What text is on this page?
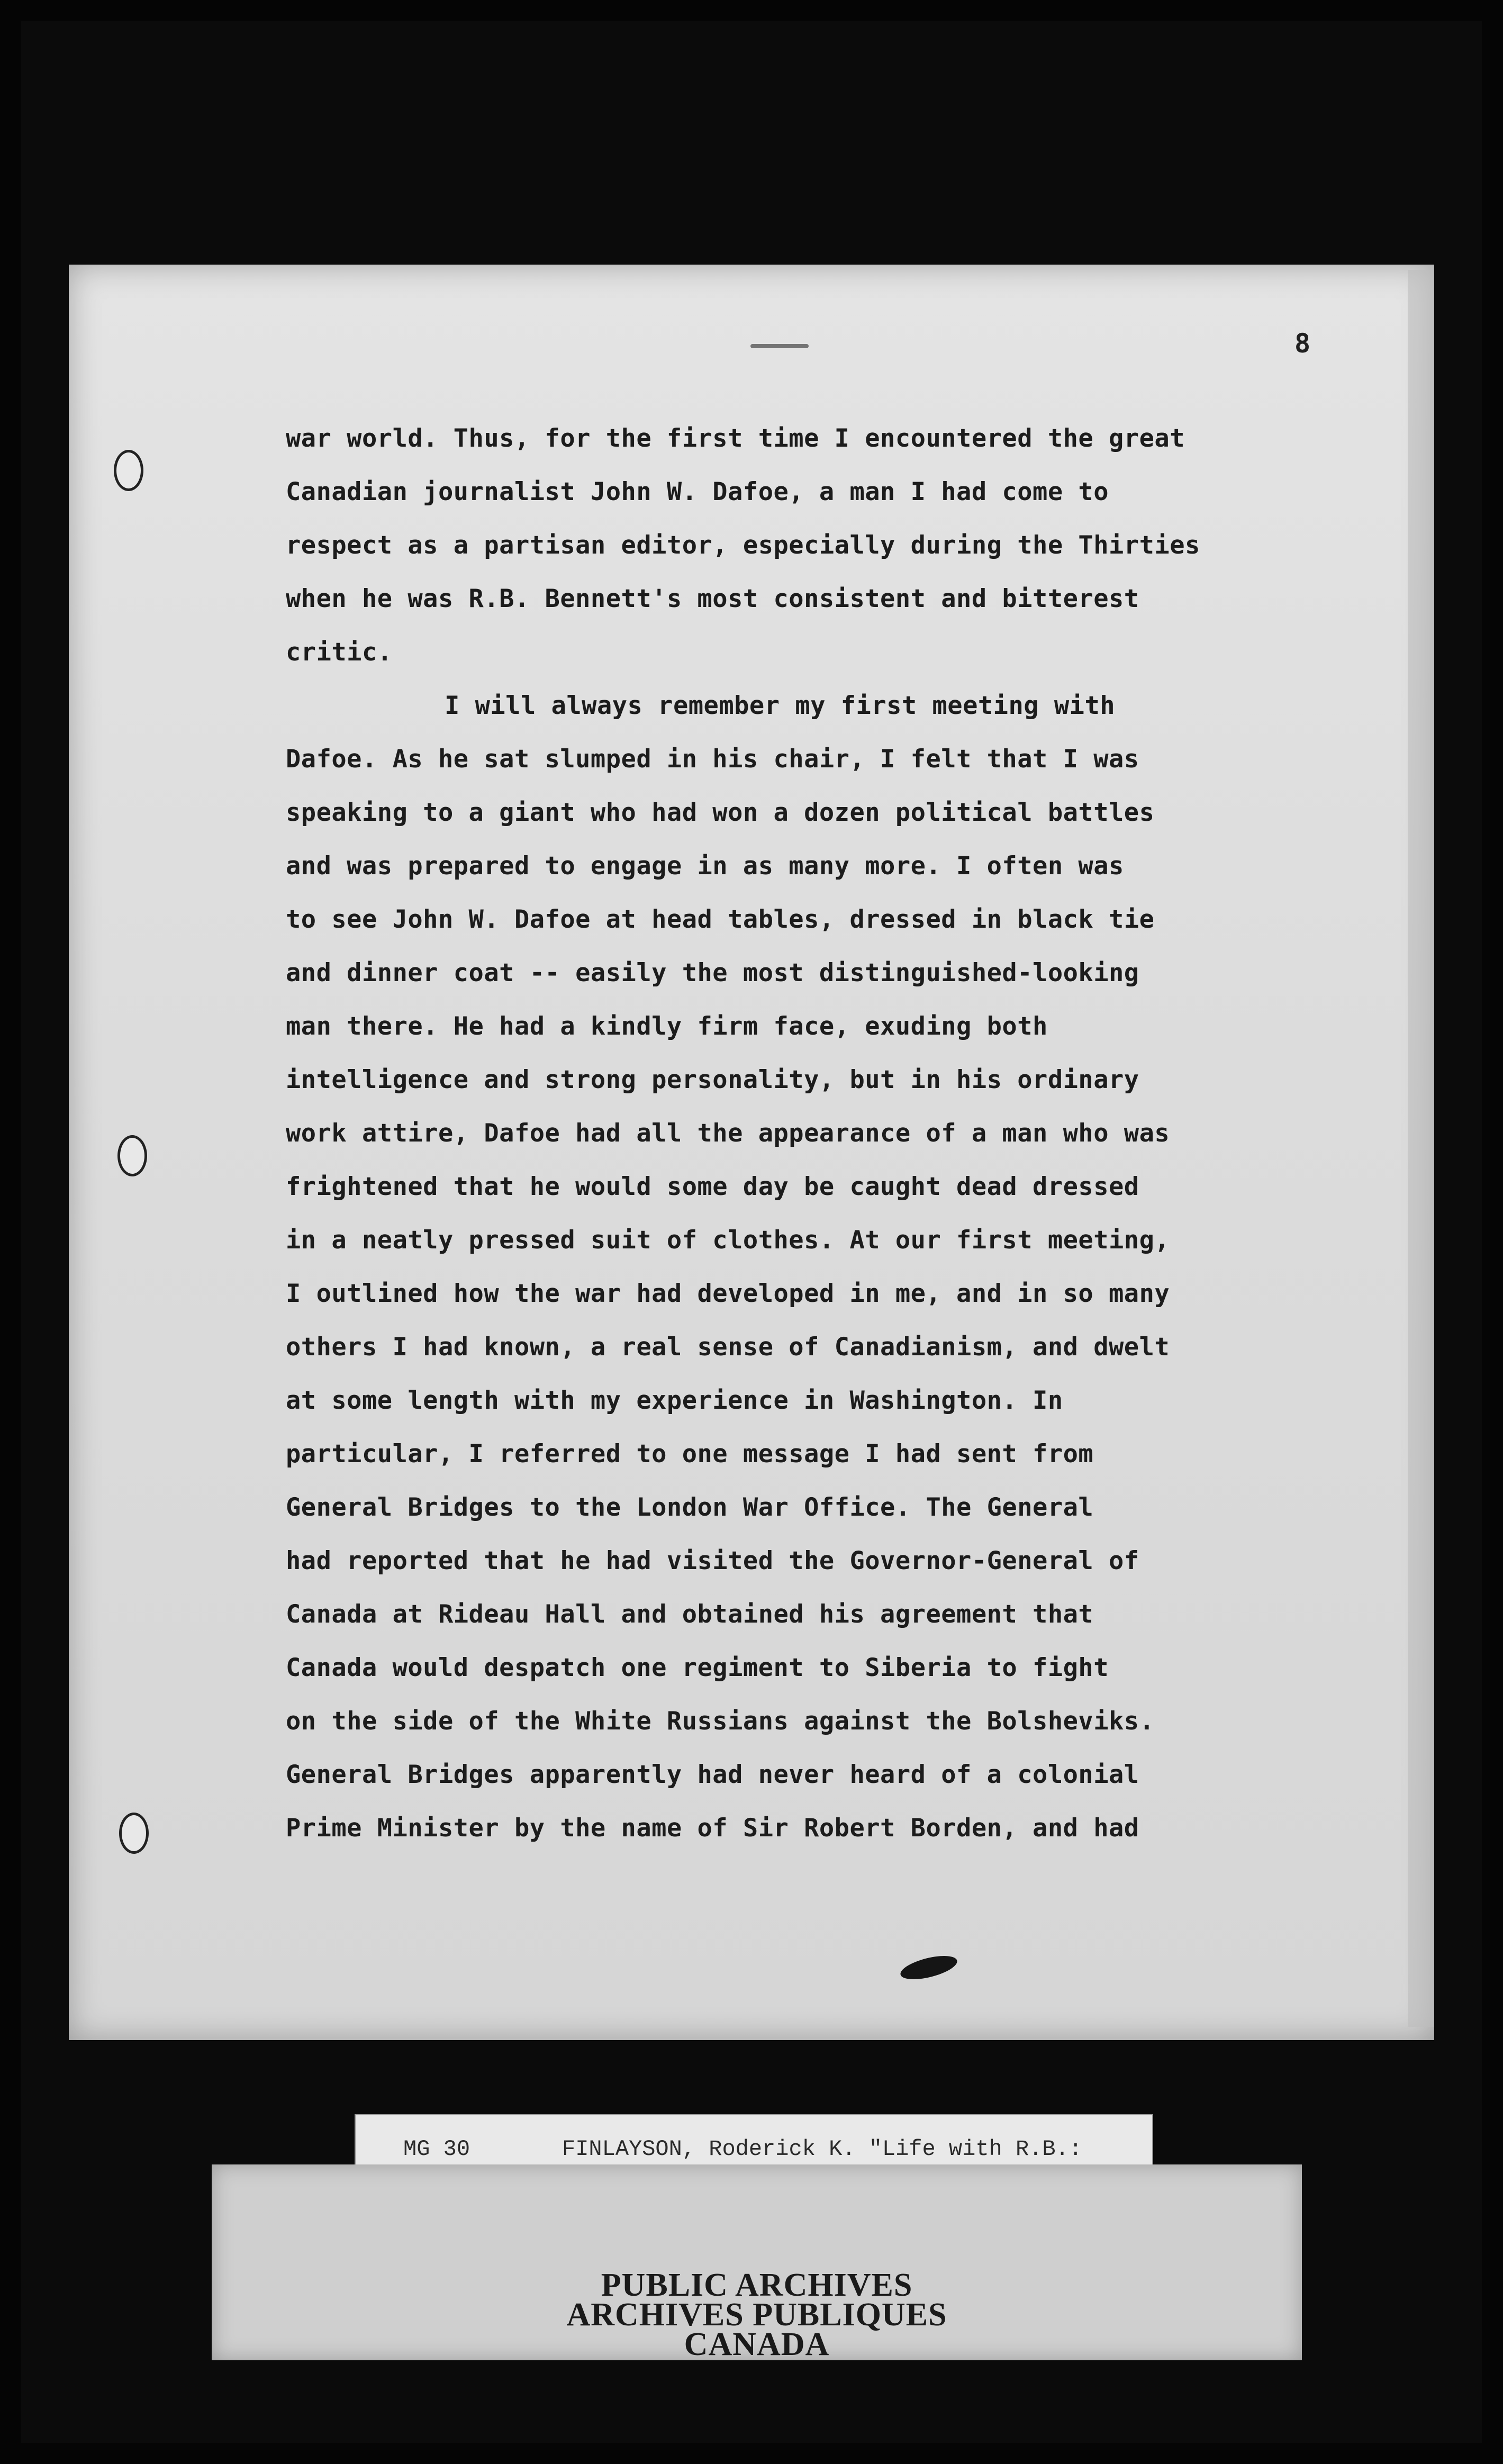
8
war world. Thus, for the first time I encountered the great
Canadian journalist John W. Dafoe, a man I had come to
respect as a partisan editor, especially during the Thirties
when he was R.B. Bennett's most consistent and bitterest
critic.
I will always remember my first meeting with
Dafoe. As he sat slumped in his chair, I felt that I was
speaking to a giant who had won a dozen political battles
and was prepared to engage in as many more. I often was
to see John W. Dafoe at head tables, dressed in black tie
and dinner coat -- easily the most distinguished-looking
man there. He had a kindly firm face, exuding both
intelligence and strong personality, but in his ordinary
work attire, Dafoe had all the appearance of a man who was
frightened that he would some day be caught dead dressed
in a neatly pressed suit of clothes. At our first meeting,
I outlined how the war had developed in me, and in so many
others I had known, a real sense of Canadianism, and dwelt
at some length with my experience in Washington. In
particular, I referred to one message I had sent from
General Bridges to the London War Office. The General
had reported that he had visited the Governor-General of
Canada at Rideau Hall and obtained his agreement that
Canada would despatch one regiment to Siberia to fight
on the side of the White Russians against the Bolsheviks.
General Bridges apparently had never heard of a colonial
Prime Minister by the name of Sir Robert Borden, and had
MG 30	FINLAYSON, Roderick K. "Life with R.B.:
PUBLIC ARCHIVES
ARCHIVES PUBLIQUES
CANADA
